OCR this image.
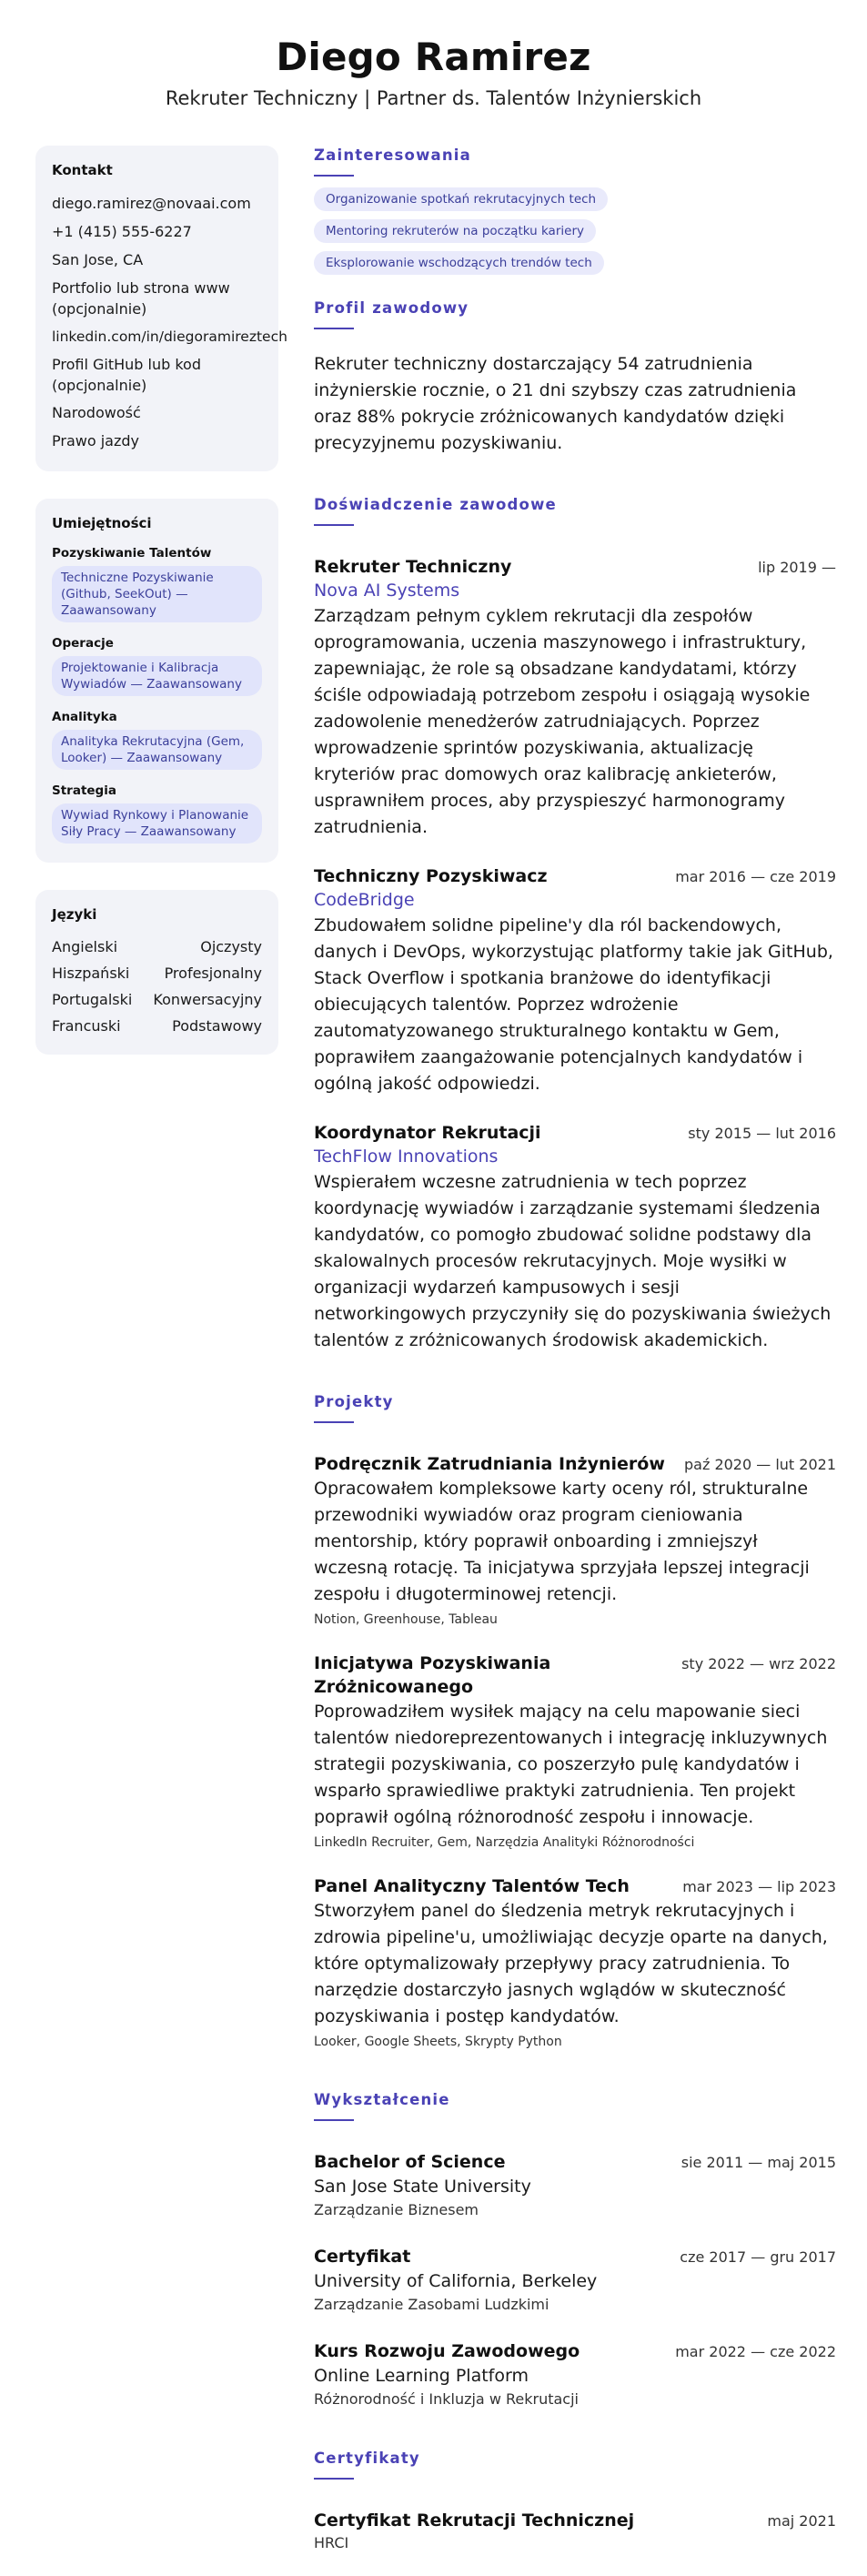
Diego Ramirez
Rekruter Techniczny | Partner ds. Talentów Inżynierskich
Kontakt
diego.ramirez@novaai.com
+1 (415) 555-6227
San Jose, CA
Portfolio lub strona www (opcjonalnie)
linkedin.com/in/diegoramireztech
Profil GitHub lub kod (opcjonalnie)
Narodowość
Prawo jazdy
Umiejętności
Pozyskiwanie Talentów
Techniczne Pozyskiwanie (Github, SeekOut) — Zaawansowany
Operacje
Projektowanie i Kalibracja Wywiadów — Zaawansowany
Analityka
Analityka Rekrutacyjna (Gem, Looker) — Zaawansowany
Strategia
Wywiad Rynkowy i Planowanie Siły Pracy — Zaawansowany
Języki
Angielski	Ojczysty
Hiszpański Profesjonalny
Portugalski Konwersacyjny
Francuski	Podstawowy
Zainteresowania
Organizowanie spotkań rekrutacyjnych tech
Mentoring rekruterów na początku kariery
Eksplorowanie wschodzących trendów tech
Profil zawodowy
Rekruter techniczny dostarczający 54 zatrudnienia inżynierskie rocznie, o 21 dni szybszy czas zatrudnienia oraz 88% pokrycie zróżnicowanych kandydatów dzięki precyzyjnemu pozyskiwaniu.
Doświadczenie zawodowe
Rekruter Techniczny	lip 2019 —
Nova AI Systems
Zarządzam pełnym cyklem rekrutacji dla zespołów oprogramowania, uczenia maszynowego i infrastruktury, zapewniając, że role są obsadzane kandydatami, którzy ściśle odpowiadają potrzebom zespołu i osiągają wysokie zadowolenie menedżerów zatrudniających. Poprzez wprowadzenie sprintów pozyskiwania, aktualizację kryteriów prac domowych oraz kalibrację ankieterów, usprawniłem proces, aby przyspieszyć harmonogramy zatrudnienia.
Techniczny Pozyskiwacz	mar 2016 — cze 2019
CodeBridge
Zbudowałem solidne pipeline'y dla ról backendowych, danych i DevOps, wykorzystując platformy takie jak GitHub, Stack Overflow i spotkania branżowe do identyfikacji obiecujących talentów. Poprzez wdrożenie zautomatyzowanego strukturalnego kontaktu w Gem, poprawiłem zaangażowanie potencjalnych kandydatów i ogólną jakość odpowiedzi.
Koordynator Rekrutacji	sty 2015 — lut 2016
TechFlow Innovations
Wspierałem wczesne zatrudnienia w tech poprzez koordynację wywiadów i zarządzanie systemami śledzenia kandydatów, co pomogło zbudować solidne podstawy dla skalowalnych procesów rekrutacyjnych. Moje wysiłki w organizacji wydarzeń kampusowych i sesji networkingowych przyczyniły się do pozyskiwania świeżych talentów z zróżnicowanych środowisk akademickich.
Projekty
Podręcznik Zatrudniania Inżynierów paź 2020 — lut 2021
Opracowałem kompleksowe karty oceny ról, strukturalne przewodniki wywiadów oraz program cieniowania mentorship, który poprawił onboarding i zmniejszył wczesną rotację. Ta inicjatywa sprzyjała lepszej integracji zespołu i długoterminowej retencji.
Notion, Greenhouse, Tableau
Inicjatywa Pozyskiwania Zróżnicowanego
sty 2022 — wrz 2022
Poprowadziłem wysiłek mający na celu mapowanie sieci talentów niedoreprezentowanych i integrację inkluzywnych strategii pozyskiwania, co poszerzyło pulę kandydatów i wsparło sprawiedliwe praktyki zatrudnienia. Ten projekt poprawił ogólną różnorodność zespołu i innowacje.
LinkedIn Recruiter, Gem, Narzędzia Analityki Różnorodności
Panel Analityczny Talentów Tech	mar 2023 — lip 2023
Stworzyłem panel do śledzenia metryk rekrutacyjnych i zdrowia pipeline'u, umożliwiając decyzje oparte na danych, które optymalizowały przepływy pracy zatrudnienia. To narzędzie dostarczyło jasnych wglądów w skuteczność pozyskiwania i postęp kandydatów.
Looker, Google Sheets, Skrypty Python
Wykształcenie
Bachelor of Science	sie 2011 — maj 2015
San Jose State University
Zarządzanie Biznesem
Certyfikat	cze 2017 — gru 2017
University of California, Berkeley
Zarządzanie Zasobami Ludzkimi
Kurs Rozwoju Zawodowego	mar 2022 — cze 2022
Online Learning Platform
Różnorodność i Inkluzja w Rekrutacji
Certyfikaty
Certyfikat Rekrutacji Technicznej	maj 2021
HRCI
